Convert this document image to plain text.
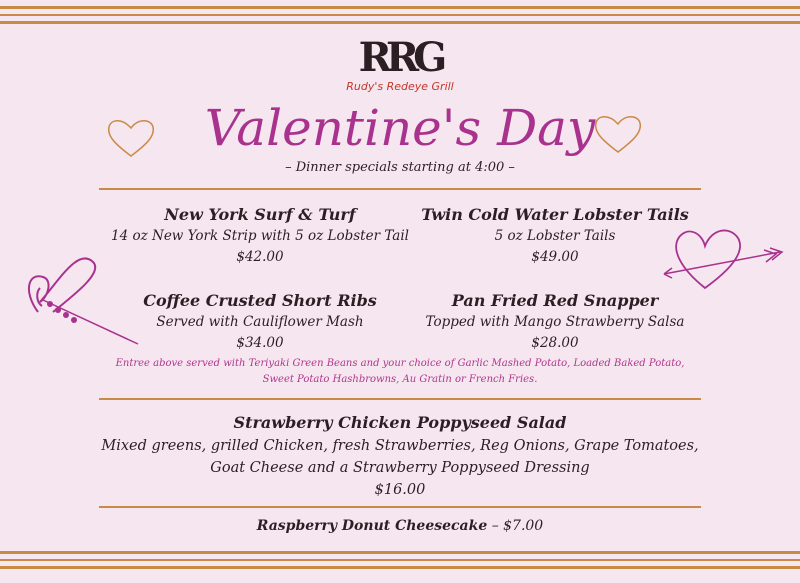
RRG
Rudy's Redeye Grill
Valentine's Day
– Dinner specials starting at 4:00 –
New York Surf & Turf
14 oz New York Strip with 5 oz Lobster Tail
$42.00
Twin Cold Water Lobster Tails
5 oz Lobster Tails
$49.00
Coffee Crusted Short Ribs
Served with Cauliflower Mash
$34.00
Pan Fried Red Snapper
Topped with Mango Strawberry Salsa
$28.00
Entree above served with Teriyaki Green Beans and your choice of Garlic Mashed Potato, Loaded Baked Potato, Sweet Potato Hashbrowns, Au Gratin or French Fries.
Strawberry Chicken Poppyseed Salad
Mixed greens, grilled Chicken, fresh Strawberries, Reg Onions, Grape Tomatoes, Goat Cheese and a Strawberry Poppyseed Dressing
$16.00
Raspberry Donut Cheesecake – $7.00
